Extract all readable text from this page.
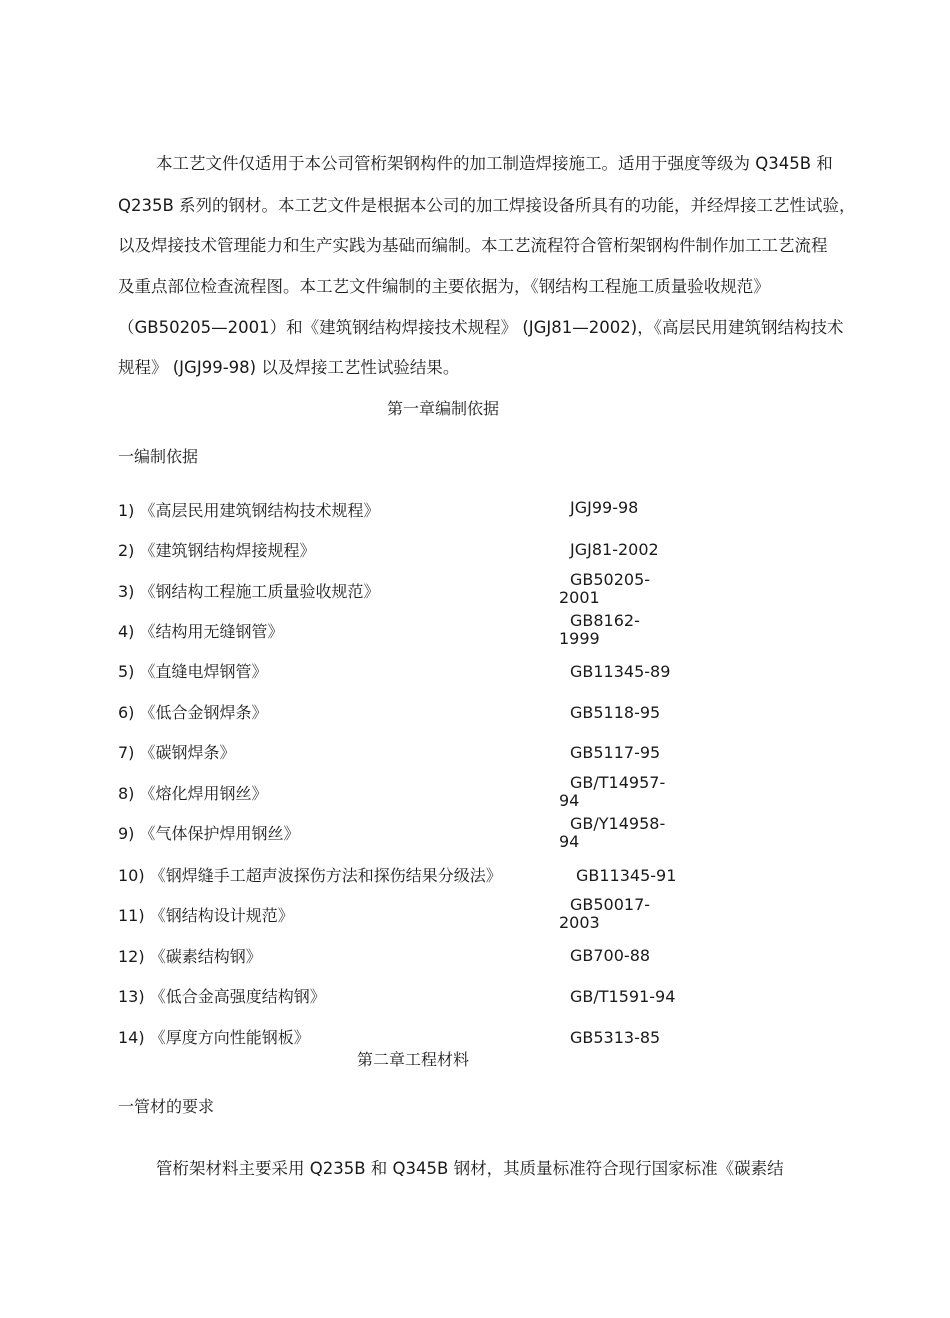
本工艺文件仅适用于本公司管桁架钢构件的加工制造焊接施工。适用于强度等级为 Q345B 和
Q235B 系列的钢材。本工艺文件是根据本公司的加工焊接设备所具有的功能，并经焊接工艺性试验，
以及焊接技术管理能力和生产实践为基础而编制。本工艺流程符合管桁架钢构件制作加工工艺流程
及重点部位检查流程图。本工艺文件编制的主要依据为，《钢结构工程施工质量验收规范》
（GB50205—2001）和《建筑钢结构焊接技术规程》 (JGJ81—2002)，《高层民用建筑钢结构技术
规程》 (JGJ99-98) 以及焊接工艺性试验结果。
第一章编制依据
一编制依据
1) 《高层民用建筑钢结构技术规程》	JGJ99-98
2) 《建筑钢结构焊接规程》	JGJ81-2002
3) 《钢结构工程施工质量验收规范》
GB50205-
2001
4) 《结构用无缝钢管》
GB8162-
1999
5) 《直缝电焊钢管》	GB11345-89
6) 《低合金钢焊条》	GB5118-95
7) 《碳钢焊条》	GB5117-95
8) 《熔化焊用钢丝》
GB/T14957-
94
9) 《气体保护焊用钢丝》
GB/Y14958-
94
10) 《钢焊缝手工超声波探伤方法和探伤结果分级法》	GB11345-91
11) 《钢结构设计规范》
GB50017-
2003
12) 《碳素结构钢》	GB700-88
13) 《低合金高强度结构钢》	GB/T1591-94
14) 《厚度方向性能钢板》	GB5313-85
第二章工程材料
一管材的要求
管桁架材料主要采用 Q235B 和 Q345B 钢材，其质量标准符合现行国家标准《碳素结
